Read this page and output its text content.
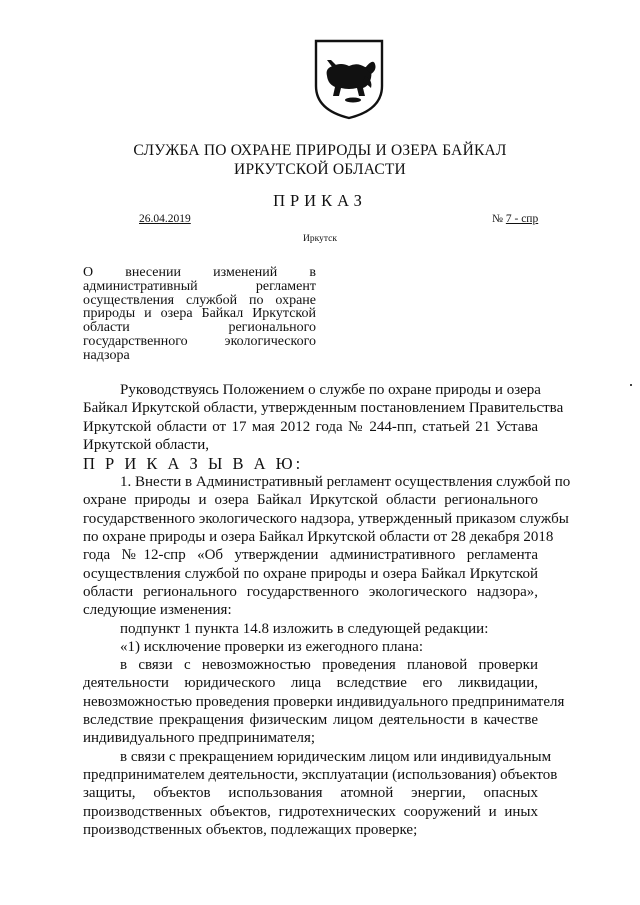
СЛУЖБА ПО ОХРАНЕ ПРИРОДЫ И ОЗЕРА БАЙКАЛ
ИРКУТСКОЙ ОБЛАСТИ
ПРИКАЗ
26.04.2019	№ 7 - спр
Иркутск
О внесении изменений в
административный регламент
осуществления службой по охране
природы и озера Байкал Иркутской
области регионального
государственного экологического
надзора
Руководствуясь Положением о службе по охране природы и озера
Байкал Иркутской области, утвержденным постановлением Правительства
Иркутской области от 17 мая 2012 года № 244-пп, статьей 21 Устава
Иркутской области,
П Р И К А З Ы В А Ю:
1. Внести в Административный регламент осуществления службой по
охране природы и озера Байкал Иркутской области регионального
государственного экологического надзора, утвержденный приказом службы
по охране природы и озера Байкал Иркутской области от 28 декабря 2018
года №12-спр «Об утверждении административного регламента
осуществления службой по охране природы и озера Байкал Иркутской
области регионального государственного экологического надзора»,
следующие изменения:
подпункт 1 пункта 14.8 изложить в следующей редакции:
«1) исключение проверки из ежегодного плана:
в связи с невозможностью проведения плановой проверки
деятельности юридического лица вследствие его ликвидации,
невозможностью проведения проверки индивидуального предпринимателя
вследствие прекращения физическим лицом деятельности в качестве
индивидуального предпринимателя;
в связи с прекращением юридическим лицом или индивидуальным
предпринимателем деятельности, эксплуатации (использования) объектов
защиты, объектов использования атомной энергии, опасных
производственных объектов, гидротехнических сооружений и иных
производственных объектов, подлежащих проверке;
